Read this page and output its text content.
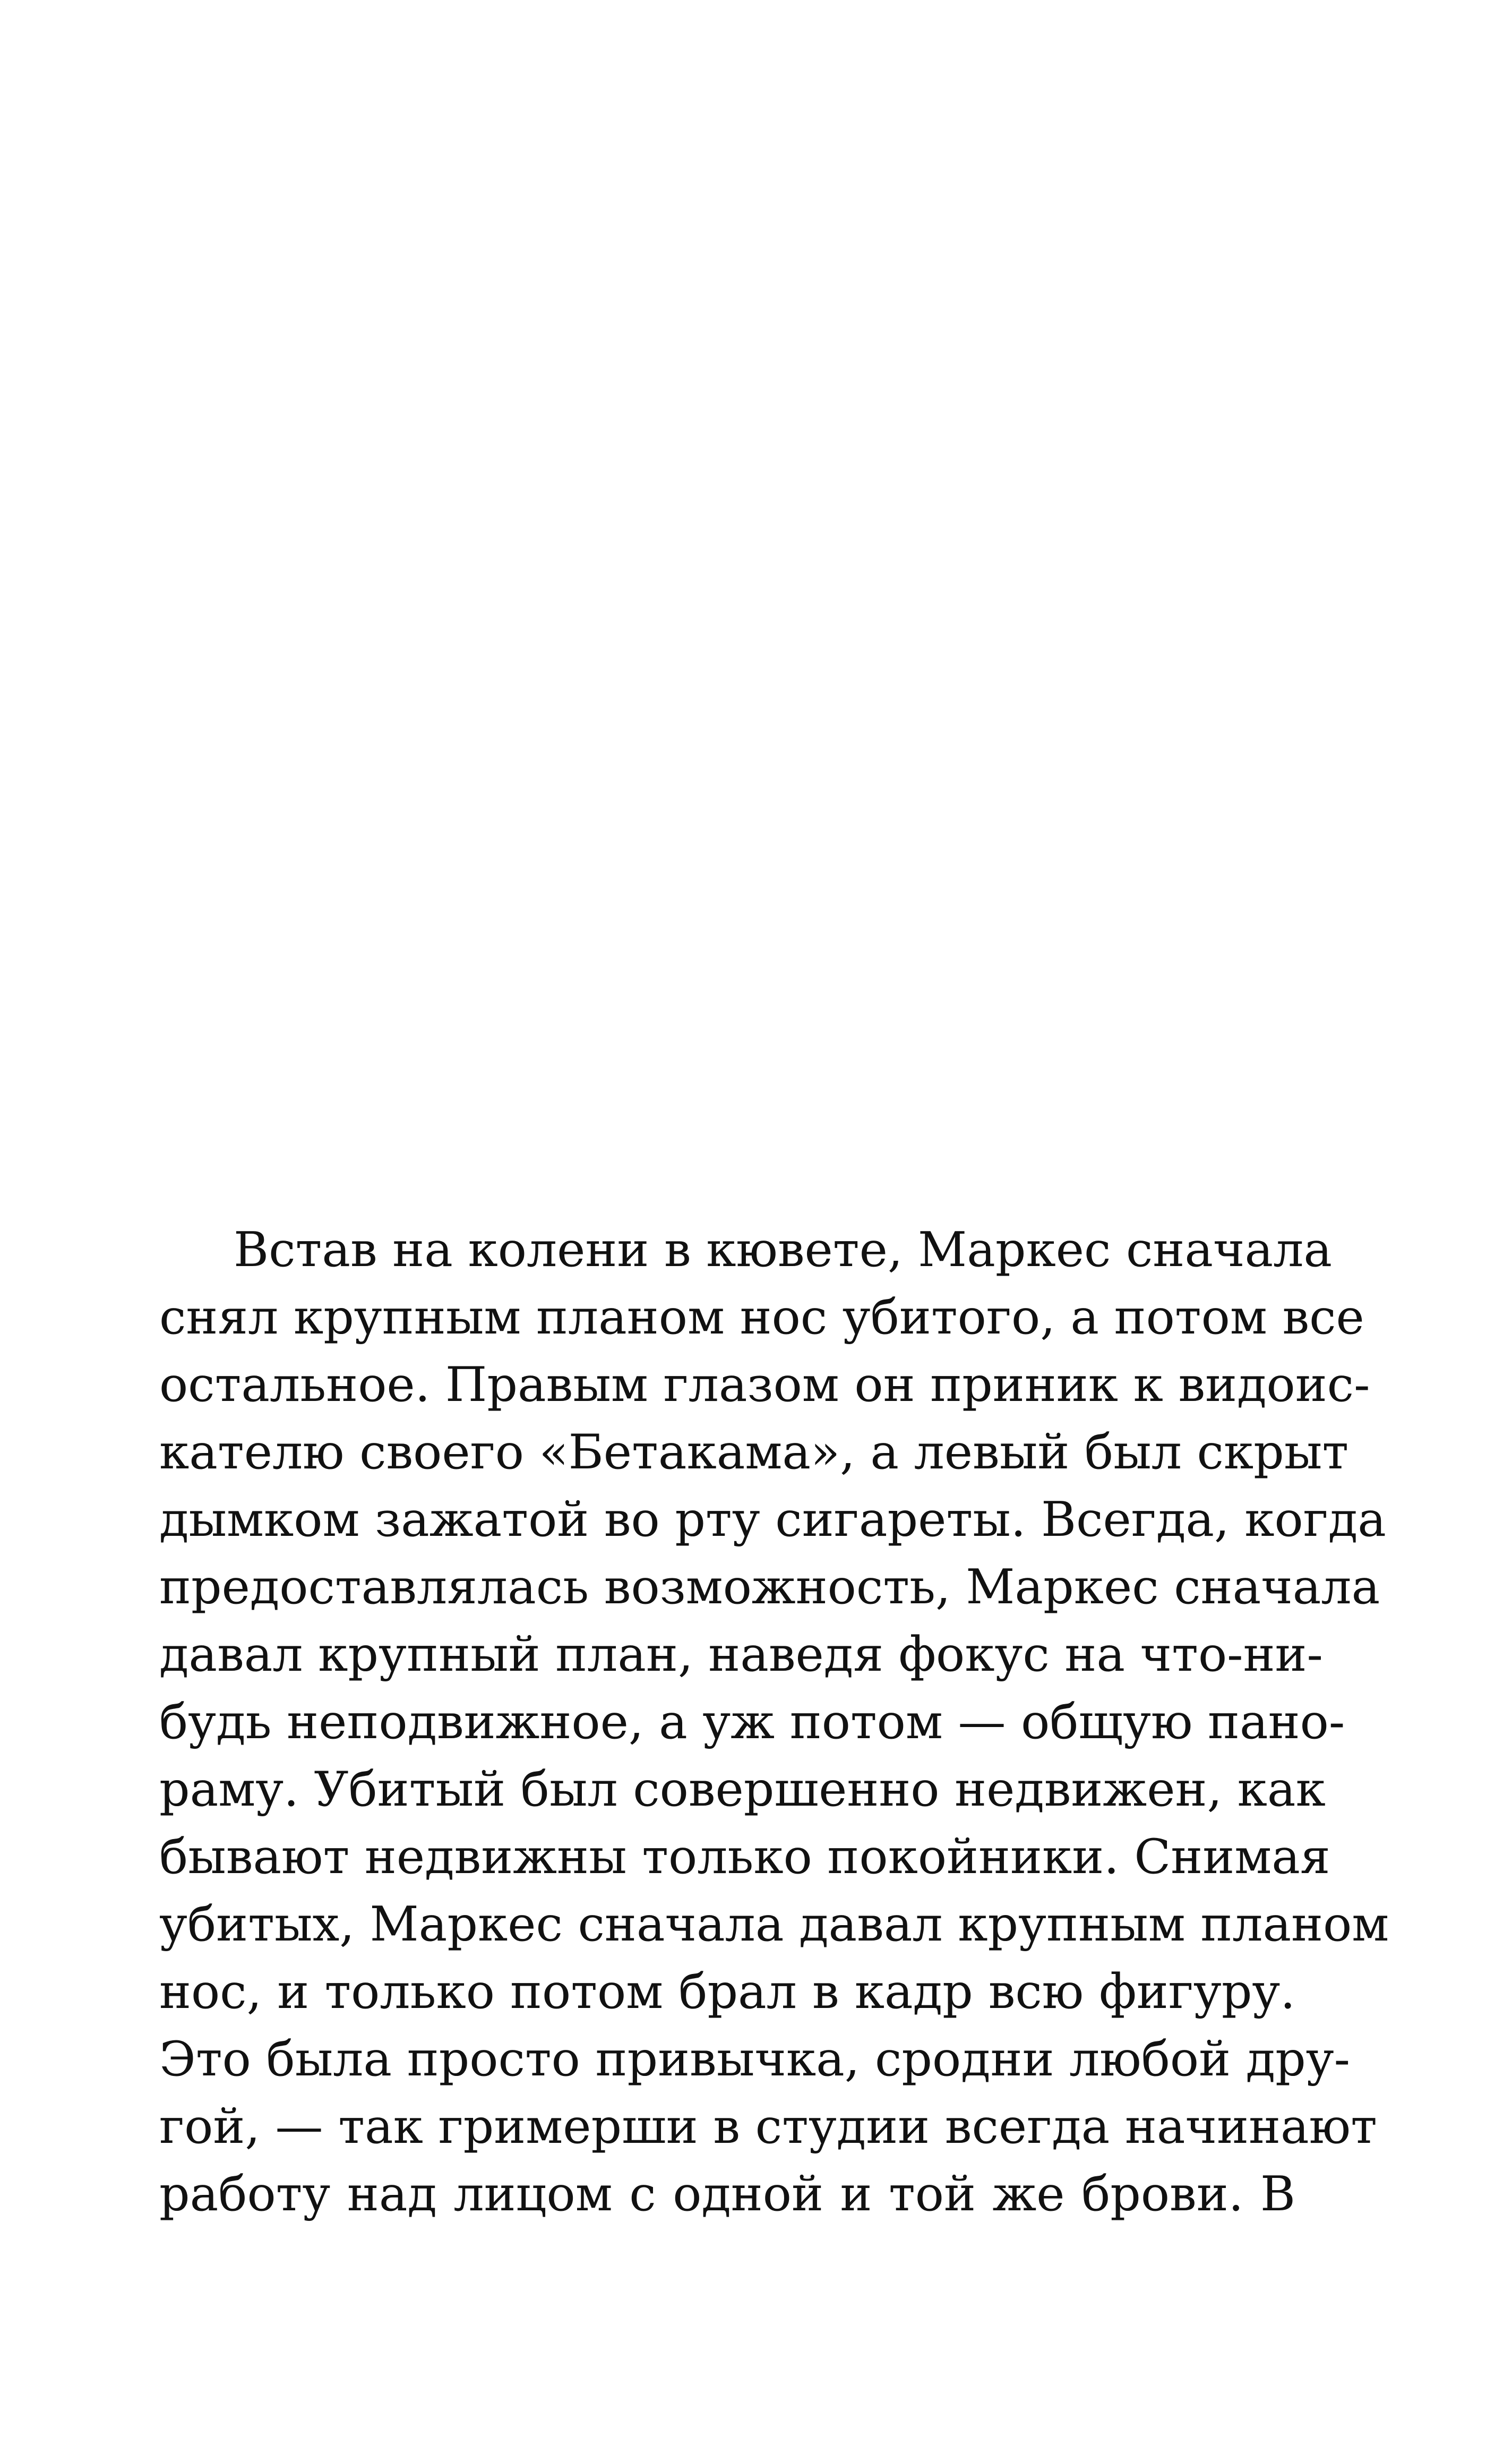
Встав на колени в кювете, Маркес сначала
снял крупным планом нос убитого, а потом все
остальное. Правым глазом он приник к видоис-
кателю своего «Бетакама», а левый был скрыт
дымком зажатой во рту сигареты. Всегда, когда
предоставлялась возможность, Маркес сначала
давал крупный план, наведя фокус на что-ни-
будь неподвижное, а уж потом — общую пано-
раму. Убитый был совершенно недвижен, как
бывают недвижны только покойники. Снимая
убитых, Маркес сначала давал крупным планом
нос, и только потом брал в кадр всю фигуру.
Это была просто привычка, сродни любой дру-
гой, — так гримерши в студии всегда начинают
работу над лицом с одной и той же брови. В
